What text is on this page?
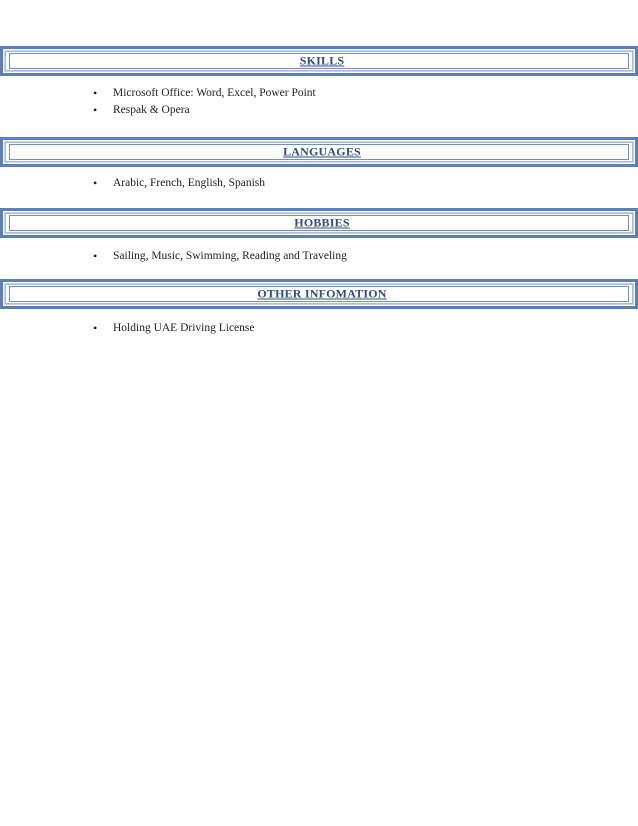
SKILLS
• Microsoft Office: Word, Excel, Power Point
• Respak & Opera
LANGUAGES
• Arabic, French, English, Spanish
HOBBIES
• Sailing, Music, Swimming, Reading and Traveling
OTHER INFOMATION
• Holding UAE Driving License
